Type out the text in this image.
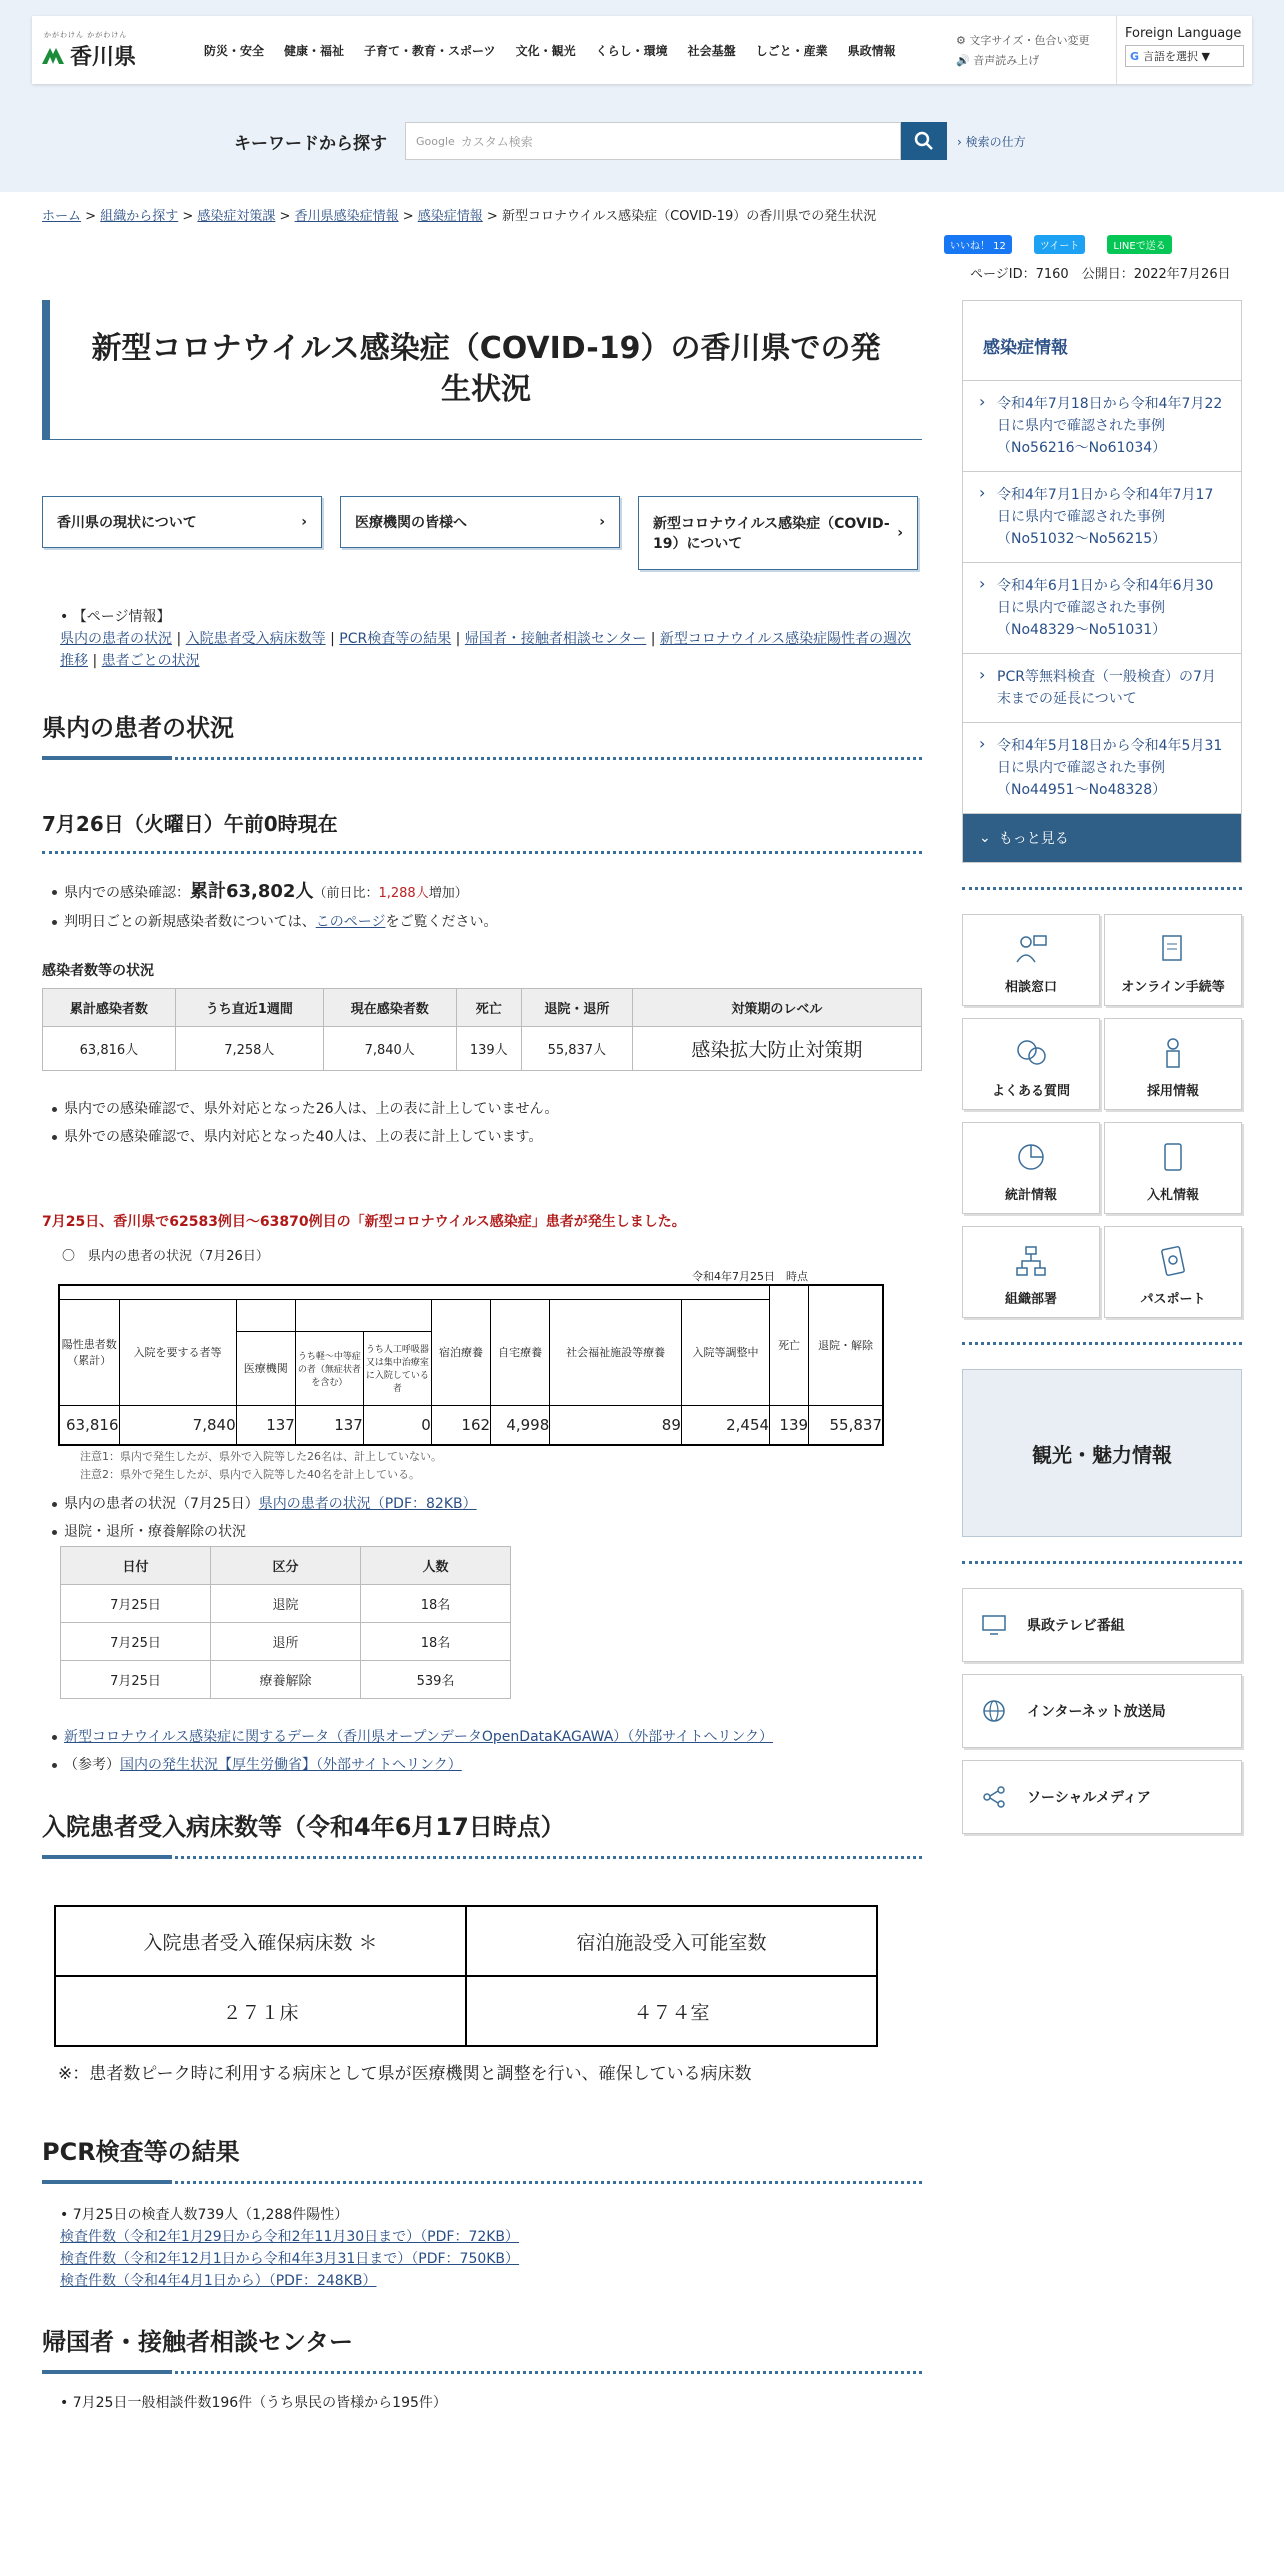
かがわけん かがわけん
香川県	防災・安全	健康・福祉	子育て・教育・スポーツ	文化・観光	くらし・環境	社会基盤	しごと・産業	県政情報
⚙ 文字サイズ・色合い変更
🔊 音声読み上げ
Foreign Language
G 言語を選択 ▼
キーワードから探す	Google カスタム検索	› 検索の仕方
ホーム > 組織から探す > 感染症対策課 > 香川県感染症情報 > 感染症情報 > 新型コロナウイルス感染症（COVID-19）の香川県での発生状況
いいね！ 12	ツイート	LINEで送る
ページID：7160　 公開日：2022年7月26日
新型コロナウイルス感染症（COVID-19）の香川県での発生状況
香川県の現状について	›	医療機関の皆様へ	›	新型コロナウイルス感染症（COVID-19）について
›
• 【ページ情報】
県内の患者の状況 | 入院患者受入病床数等 | PCR検査等の結果 | 帰国者・接触者相談センター | 新型コロナウイルス感染症陽性者の週次推移 | 患者ごとの状況
県内の患者の状況
7月26日（火曜日）午前0時現在
県内での感染確認：累計63,802人（前日比：1,288人増加）
判明日ごとの新規感染者数については、このページをご覧ください。
感染者数等の状況
累計感染者数	うち直近1週間	現在感染者数	死亡	退院・退所	対策期のレベル
63,816人	7,258人	7,840人	139人	55,837人	感染拡大防止対策期
県内での感染確認で、県外対応となった26人は、上の表に計上していません。
県外での感染確認で、県内対応となった40人は、上の表に計上しています。
7月25日、香川県で62583例目～63870例目の「新型コロナウイルス感染症」患者が発生しました。
〇　県内の患者の状況（7月26日）
令和4年7月25日　時点
									死亡	退院・解除
陽性患者数（累計）	入院を要する者等				宿泊療養	自宅療養	社会福祉施設等療養	入院等調整中		
		医療機関	うち軽～中等症の者（無症状者を含む）	うち人工呼吸器又は集中治療室に入院している者						
63,816	7,840	137	137	0	162	4,998	89	2,454	139	55,837
注意1：県内で発生したが、県外で入院等した26名は、計上していない。
注意2：県外で発生したが、県内で入院等した40名を計上している。
県内の患者の状況（7月25日）県内の患者の状況（PDF：82KB）
退院・退所・療養解除の状況
日付	区分	人数
7月25日	退院	18名
7月25日	退所	18名
7月25日	療養解除	539名
新型コロナウイルス感染症に関するデータ（香川県オープンデータOpenDataKAGAWA）（外部サイトへリンク）
（参考）国内の発生状況【厚生労働省】（外部サイトへリンク）
入院患者受入病床数等（令和4年6月17日時点）
入院患者受入確保病床数 ＊	宿泊施設受入可能室数
２７１床	４７４室
※：患者数ピーク時に利用する病床として県が医療機関と調整を行い、確保している病床数
PCR検査等の結果
• 7月25日の検査人数739人（1,288件陽性）
検査件数（令和2年1月29日から令和2年11月30日まで）（PDF：72KB）
検査件数（令和2年12月1日から令和4年3月31日まで）（PDF：750KB）
検査件数（令和4年4月1日から）（PDF：248KB）
帰国者・接触者相談センター
• 7月25日一般相談件数196件（うち県民の皆様から195件）
感染症情報
› 令和4年7月18日から令和4年7月22日に県内で確認された事例（No56216～No61034）
› 令和4年7月1日から令和4年7月17日に県内で確認された事例（No51032～No56215）
› 令和4年6月1日から令和4年6月30日に県内で確認された事例（No48329～No51031）
› PCR等無料検査（一般検査）の7月末までの延長について
› 令和4年5月18日から令和4年5月31日に県内で確認された事例（No44951～No48328）
⌄ もっと見る
相談窓口	オンライン手続等
よくある質問	採用情報
統計情報	入札情報
組織部署	パスポート
観光・魅力情報
県政テレビ番組
インターネット放送局
ソーシャルメディア
